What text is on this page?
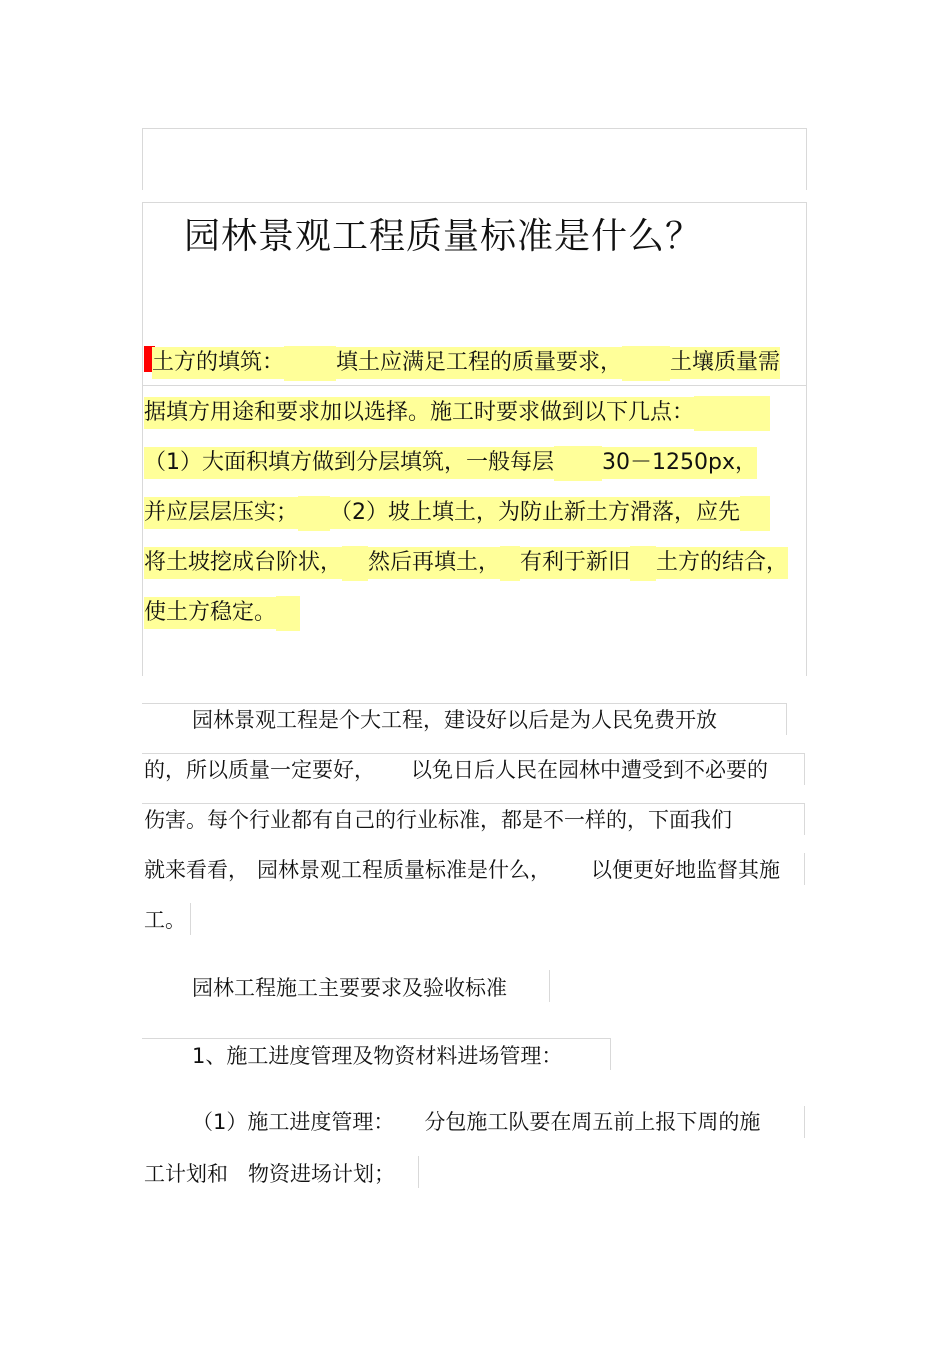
园林景观工程质量标准是什么？
土方的填筑： 填土应满足工程的质量要求， 土壤质量需
据填方用途和要求加以选择。施工时要求做到以下几点：
（1）大面积填方做到分层填筑，一般每层 30－1250px，
并应层层压实； （2）坡上填土，为防止新土方滑落，应先
将土坡挖成台阶状， 然后再填土， 有利于新旧 土方的结合，
使土方稳定。
园林景观工程是个大工程，建设好以后是为人民免费开放
的，所以质量一定要好， 以免日后人民在园林中遭受到不必要的
伤害。每个行业都有自己的行业标准，都是不一样的，下面我们
就来看看， 园林景观工程质量标准是什么， 以便更好地监督其施
工。
园林工程施工主要要求及验收标准
1、施工进度管理及物资材料进场管理：
（1）施工进度管理： 分包施工队要在周五前上报下周的施
工计划和 物资进场计划；
